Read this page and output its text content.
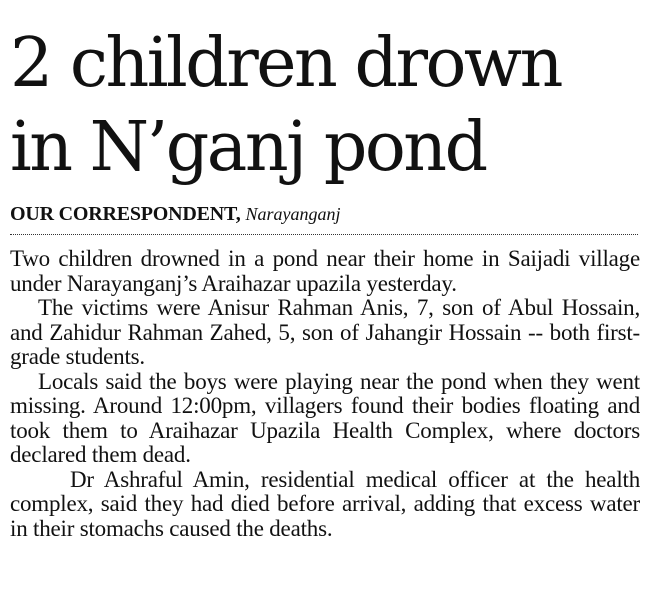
2 children drown
in N’ganj pond
OUR CORRESPONDENT, Narayanganj

Two children drowned in a pond near their home in Saijadi village under Narayanganj’s Araihazar upazila yesterday.

The victims were Anisur Rahman Anis, 7, son of Abul Hossain, and Zahidur Rahman Zahed, 5, son of Jahangir Hossain -- both first-grade students.

Locals said the boys were playing near the pond when they went missing. Around 12:00pm, villagers found their bodies floating and took them to Araihazar Upazila Health Complex, where doctors declared them dead.

Dr Ashraful Amin, residential medical officer at the health complex, said they had died before arrival, adding that excess water in their stomachs caused the deaths.
